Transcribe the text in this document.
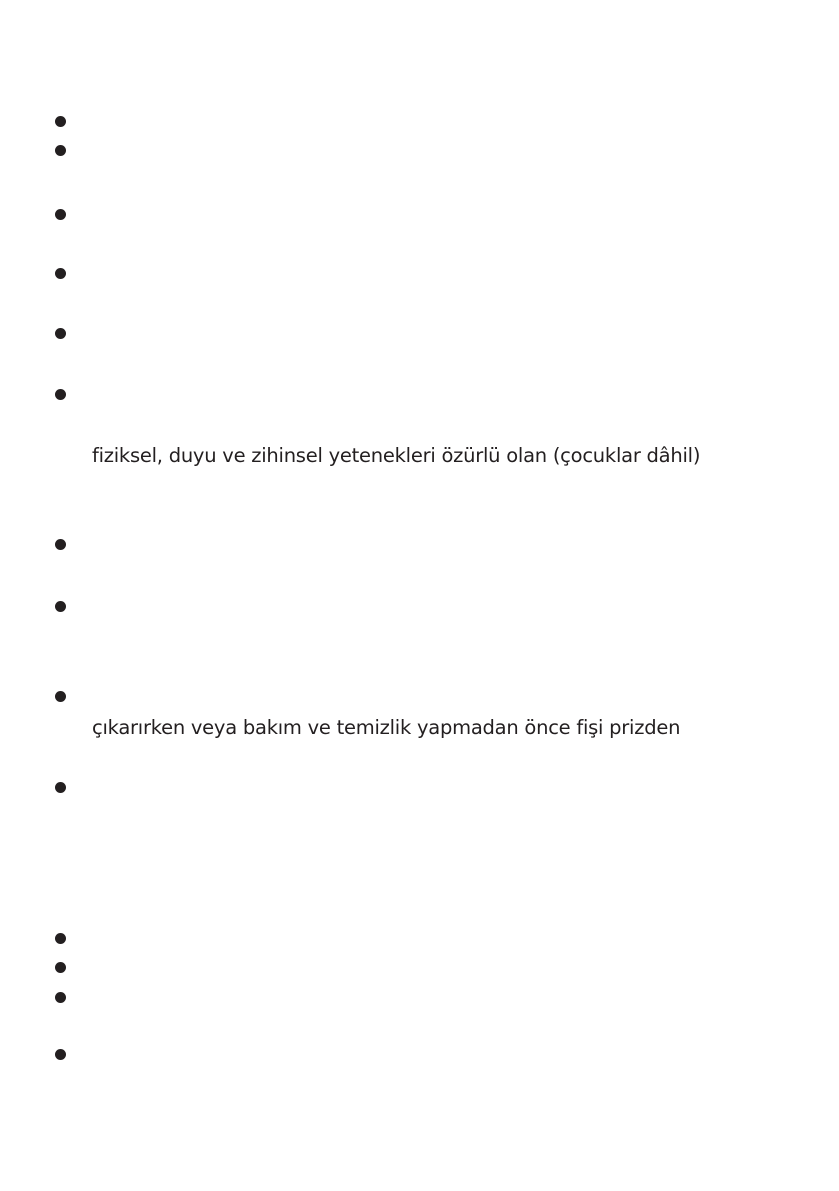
fiziksel, duyu ve zihinsel yetenekleri özürlü olan (çocuklar dâhil)
çıkarırken veya bakım ve temizlik yapmadan önce fişi prizden
